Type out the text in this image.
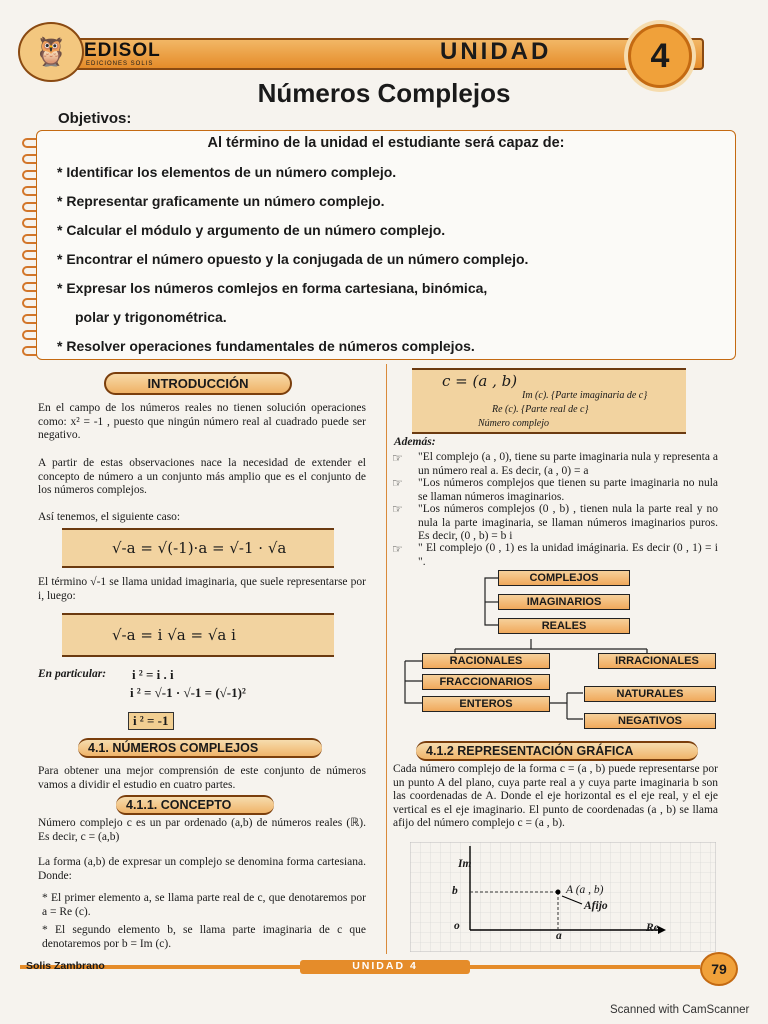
🦉 EDISOL
EDICIONES SOLIS	UNIDAD	4
Números Complejos
Objetivos:
Al término de la unidad el estudiante será capaz de:
* Identificar los elementos de un número complejo.
* Representar graficamente un número complejo.
* Calcular el módulo y argumento de un número complejo.
* Encontrar el número opuesto y la conjugada de un número complejo.
* Expresar los números comlejos en forma cartesiana, binómica,
polar y trigonométrica.
* Resolver operaciones fundamentales de números complejos.
INTRODUCCIÓN
En el campo de los números reales no tienen solución operaciones como: x² = -1 , puesto que ningún número real al cuadrado puede ser negativo.
A partir de estas observaciones nace la necesidad de extender el concepto de número a un conjunto más amplio que es el conjunto de los números complejos.
Así tenemos, el siguiente caso:
√-a = √(-1)·a = √-1 · √a
El término √-1 se llama unidad imaginaria, que suele representarse por i, luego:
√-a = i √a = √a i
En particular: i ² = i . i
i ² = √-1 · √-1 = (√-1)²
i ² = -1
4.1. NÚMEROS COMPLEJOS
Para obtener una mejor comprensión de este conjunto de números vamos a dividir el estudio en cuatro partes.
4.1.1. CONCEPTO
Número complejo c es un par ordenado (a,b) de números reales (ℝ). Es decir, c = (a,b)
La forma (a,b) de expresar un complejo se denomina forma cartesiana. Donde:
* El primer elemento a, se llama parte real de c, que denotaremos por a = Re (c).
* El segundo elemento b, se llama parte imaginaria de c que denotaremos por b = Im (c).
c = (a , b)
Im (c). {Parte imaginaria de c}
Re (c). {Parte real de c}
Número complejo
Además:
☞ "El complejo (a , 0), tiene su parte imaginaria nula y representa a un número real a. Es decir, (a , 0) = a
☞ "Los números complejos que tienen su parte imaginaria no nula se llaman números imaginarios.
☞ "Los números complejos (0 , b) , tienen nula la parte real y no nula la parte imaginaria, se llaman números imaginarios puros. Es decir, (0 , b) = b i
☞ " El complejo (0 , 1) es la unidad imáginaria. Es decir (0 , 1) = i ".
COMPLEJOS
IMAGINARIOS
REALES
RACIONALES	IRRACIONALES
FRACCIONARIOS
NATURALES
ENTEROS
NEGATIVOS
4.1.2 REPRESENTACIÓN GRÁFICA
Cada número complejo de la forma c = (a , b) puede representarse por un punto A del plano, cuya parte real a y cuya parte imaginaria b son las coordenadas de A. Donde el eje horizontal es el eje real, y el eje vertical es el eje imaginario. El punto de coordenadas (a , b) se llama afijo del número complejo c = (a , b).
Im
b
o
a
Re
A (a , b)
Afijo
Solis Zambrano	UNIDAD 4	79
Scanned with CamScanner
